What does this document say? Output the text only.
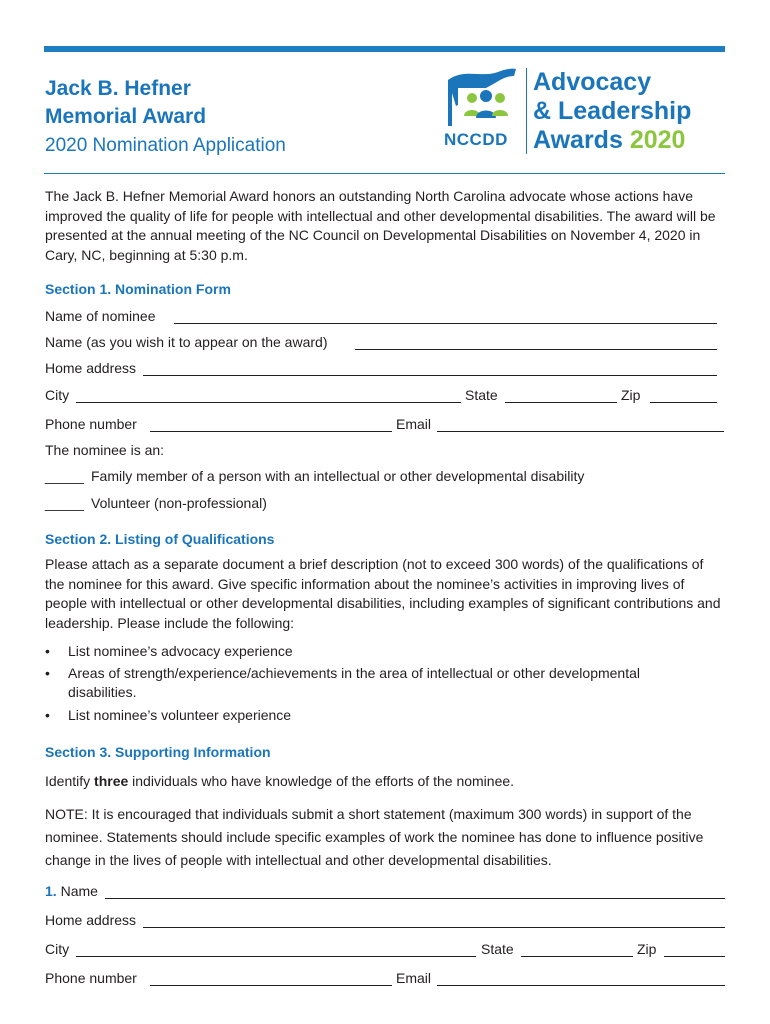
Jack B. Hefner
Memorial Award
2020 Nomination Application	NCCDD
Advocacy
& Leadership
Awards 2020
The Jack B. Hefner Memorial Award honors an outstanding North Carolina advocate whose actions have improved the quality of life for people with intellectual and other developmental disabilities. The award will be presented at the annual meeting of the NC Council on Developmental Disabilities on November 4, 2020 in Cary, NC, beginning at 5:30 p.m.
Section 1. Nomination Form
Name of nominee
Name (as you wish it to appear on the award)
Home address
City	State	Zip
Phone number	Email
The nominee is an:
_____ Family member of a person with an intellectual or other developmental disability
_____ Volunteer (non-professional)
Section 2. Listing of Qualifications
Please attach as a separate document a brief description (not to exceed 300 words) of the qualifications of the nominee for this award. Give specific information about the nominee’s activities in improving lives of people with intellectual or other developmental disabilities, including examples of significant contributions and leadership. Please include the following:
• List nominee’s advocacy experience
• Areas of strength/experience/achievements in the area of intellectual or other developmental disabilities.
• List nominee’s volunteer experience
Section 3. Supporting Information
Identify three individuals who have knowledge of the efforts of the nominee.
NOTE: It is encouraged that individuals submit a short statement (maximum 300 words) in support of the nominee. Statements should include specific examples of work the nominee has done to influence positive change in the lives of people with intellectual and other developmental disabilities.
1. Name
Home address
City	State	Zip
Phone number	Email
